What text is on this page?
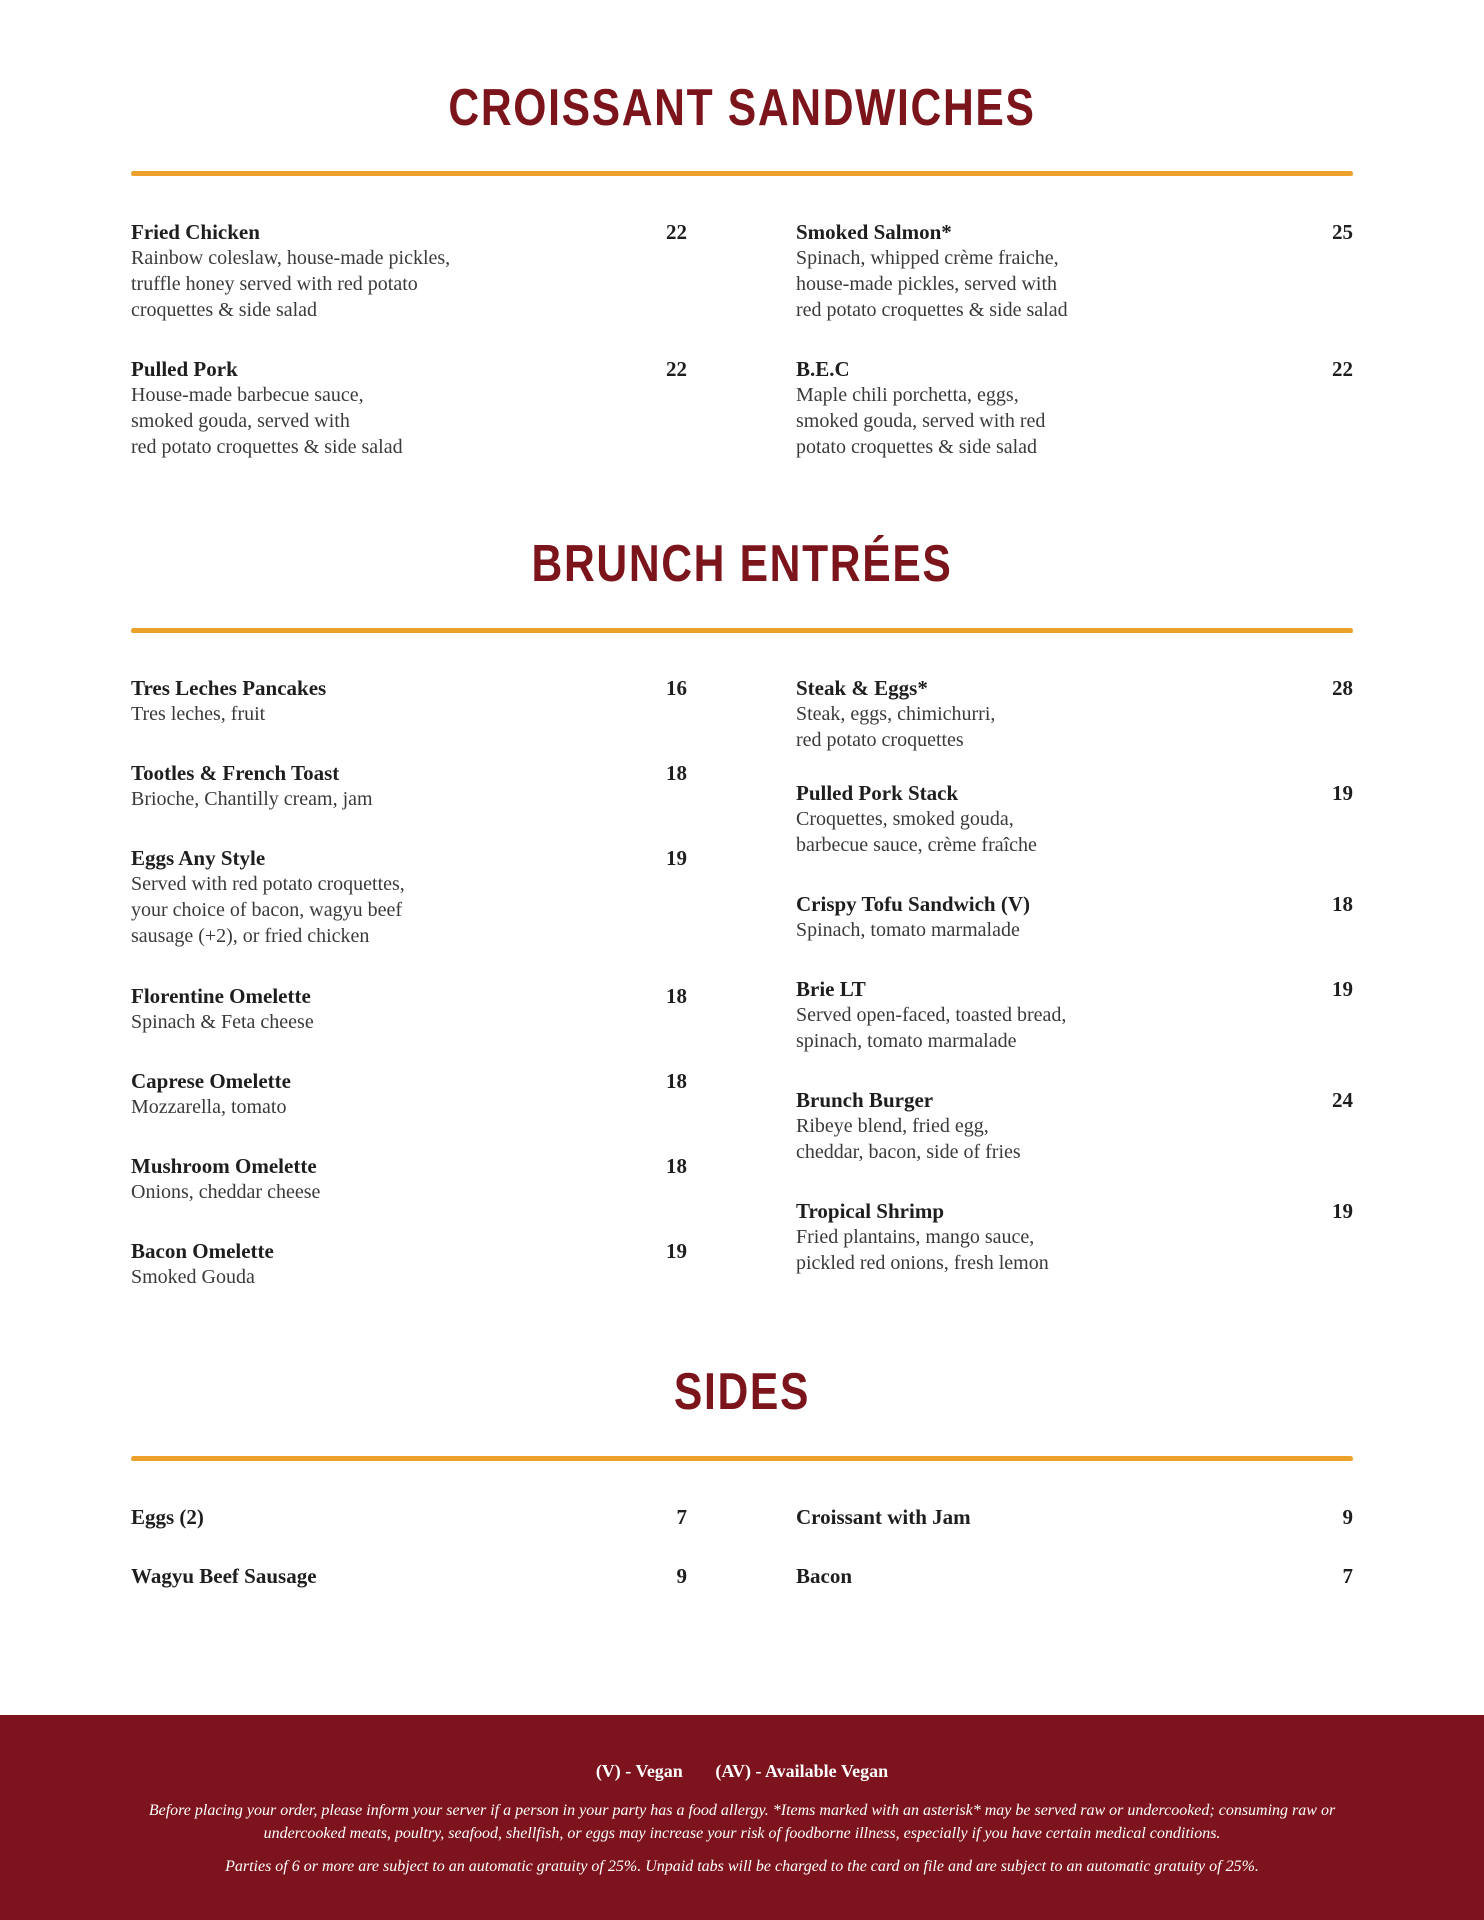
CROISSANT SANDWICHES
Fried Chicken	22
Rainbow coleslaw, house-made pickles,
truffle honey served with red potato
croquettes & side salad
Pulled Pork	22
House-made barbecue sauce,
smoked gouda, served with
red potato croquettes & side salad
Smoked Salmon*	25
Spinach, whipped crème fraiche,
house-made pickles, served with
red potato croquettes & side salad
B.E.C	22
Maple chili porchetta, eggs,
smoked gouda, served with red
potato croquettes & side salad
BRUNCH ENTRÉES
Tres Leches Pancakes	16
Tres leches, fruit
Tootles & French Toast	18
Brioche, Chantilly cream, jam
Eggs Any Style	19
Served with red potato croquettes,
your choice of bacon, wagyu beef
sausage (+2), or fried chicken
Florentine Omelette	18
Spinach & Feta cheese
Caprese Omelette	18
Mozzarella, tomato
Mushroom Omelette	18
Onions, cheddar cheese
Bacon Omelette	19
Smoked Gouda
Steak & Eggs*	28
Steak, eggs, chimichurri,
red potato croquettes
Pulled Pork Stack	19
Croquettes, smoked gouda,
barbecue sauce, crème fraîche
Crispy Tofu Sandwich (V)	18
Spinach, tomato marmalade
Brie LT	19
Served open-faced, toasted bread,
spinach, tomato marmalade
Brunch Burger	24
Ribeye blend, fried egg,
cheddar, bacon, side of fries
Tropical Shrimp	19
Fried plantains, mango sauce,
pickled red onions, fresh lemon
SIDES
Eggs (2)	7
Wagyu Beef Sausage	9
Croissant with Jam	9
Bacon	7
(V) - Vegan (AV) - Available Vegan
Before placing your order, please inform your server if a person in your party has a food allergy. *Items marked with an asterisk* may be served raw or undercooked; consuming raw or undercooked meats, poultry, seafood, shellfish, or eggs may increase your risk of foodborne illness, especially if you have certain medical conditions.
Parties of 6 or more are subject to an automatic gratuity of 25%. Unpaid tabs will be charged to the card on file and are subject to an automatic gratuity of 25%.
